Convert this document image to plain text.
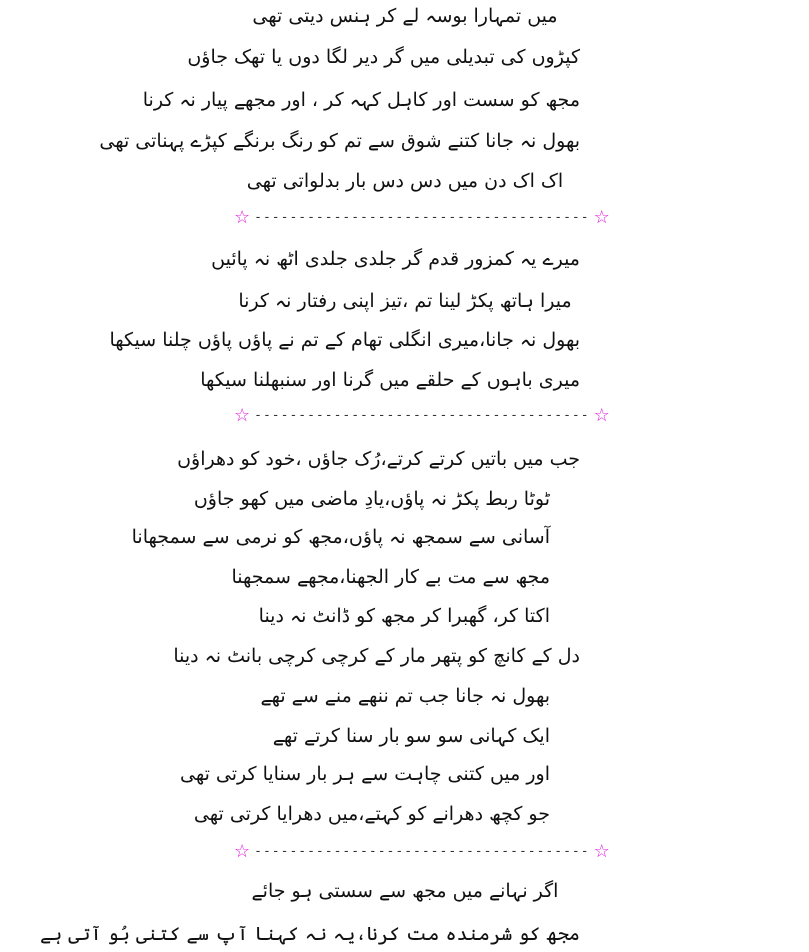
میں تمہارا بوسہ لے کر ہنس دیتی تھی
کپڑوں کی تبدیلی میں گر دیر لگا دوں یا تھک جاؤں
مجھ کو سست اور کاہل کہہ کر ، اور مجھے پیار نہ کرنا
بھول نہ جانا کتنے شوق سے تم کو رنگ برنگے کپڑے پہناتی تھی
اک اک دن میں دس دس بار بدلواتی تھی
☆ -------------------------------------- ☆
میرے یہ کمزور قدم گر جلدی جلدی اٹھ نہ پائیں
میرا ہاتھ پکڑ لینا تم ،تیز اپنی رفتار نہ کرنا
بھول نہ جانا،میری انگلی تھام کے تم نے پاؤں پاؤں چلنا سیکھا
میری باہوں کے حلقے میں گرنا اور سنبھلنا سیکھا
☆ -------------------------------------- ☆
جب میں باتیں کرتے کرتے،رُک جاؤں ،خود کو دھراؤں
ٹوٹا ربط پکڑ نہ پاؤں،یادِ ماضی میں کھو جاؤں
آسانی سے سمجھ نہ پاؤں،مجھ کو نرمی سے سمجھانا
مجھ سے مت بے کار الجھنا،مجھے سمجھنا
اکتا کر، گھبرا کر مجھ کو ڈانٹ نہ دینا
دل کے کانچ کو پتھر مار کے کرچی کرچی بانٹ نہ دینا
بھول نہ جانا جب تم ننھے منے سے تھے
ایک کہانی سو سو بار سنا کرتے تھے
اور میں کتنی چاہت سے ہر بار سنایا کرتی تھی
جو کچھ دھرانے کو کہتے،میں دھرایا کرتی تھی
☆ -------------------------------------- ☆
اگر نہانے میں مجھ سے سستی ہو جائے
مجھ کو شرمندہ مت کرنا،یہ نہ کہنا آپ سے کتنی بُو آتی ہے
